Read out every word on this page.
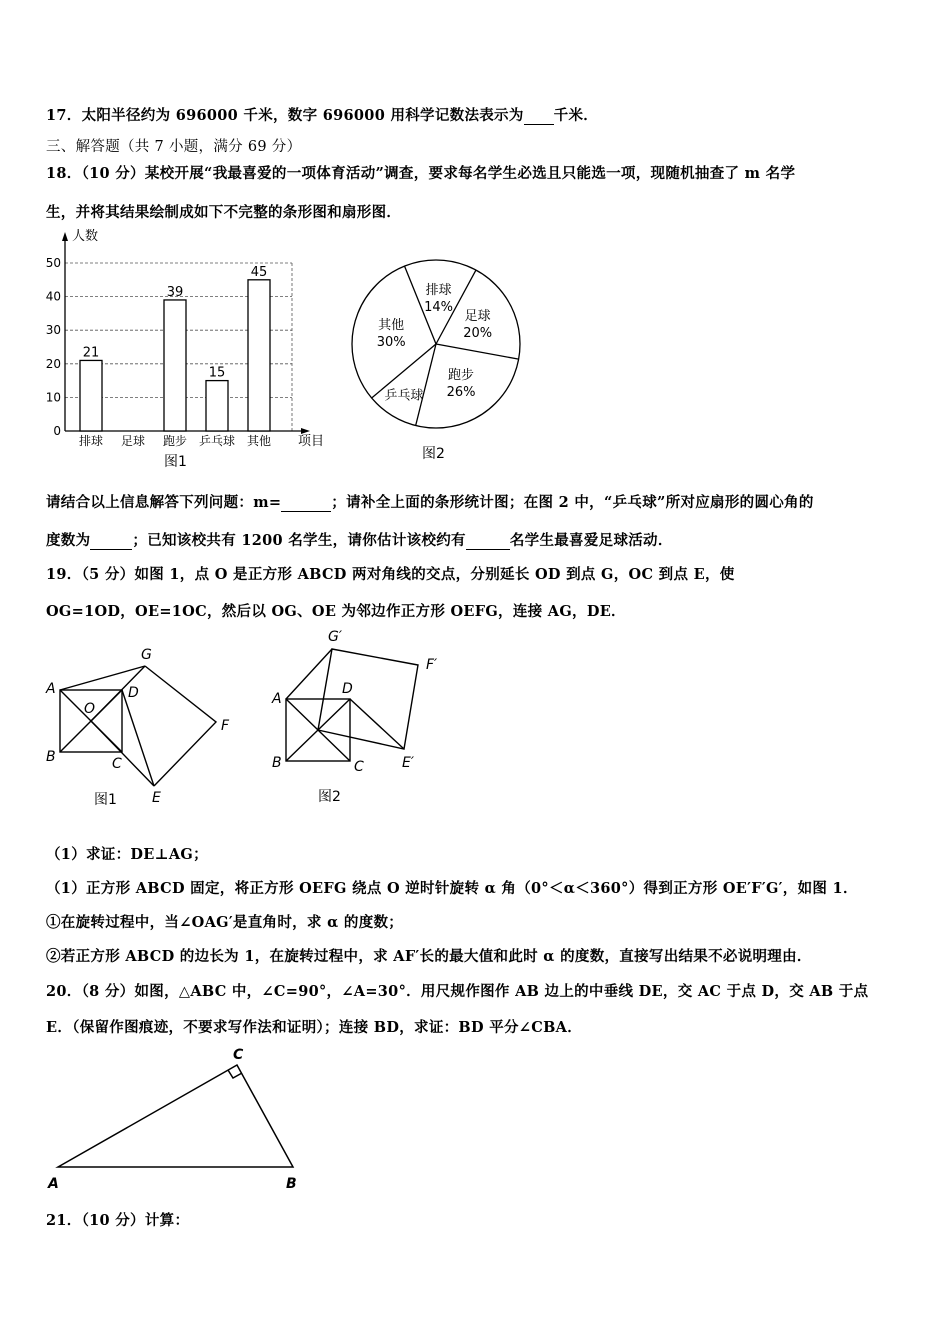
17．太阳半径约为 696000 千米，数字 696000 用科学记数法表示为 千米．
三、解答题（共 7 小题，满分 69 分）
18．（10 分）某校开展“我最喜爱的一项体育活动”调查，要求每名学生必选且只能选一项，现随机抽查了 m 名学
生，并将其结果绘制成如下不完整的条形图和扇形图．
人数
项目
图1
0
10
20
30
40
50
21
排球 足球
39
跑步
15
乒乓球
45
其他
排球
14%
足球
20%
跑步
26%
乒乓球
其他
30%
图2
请结合以上信息解答下列问题：m=	；请补全上面的条形统计图；在图 2 中，“乒乓球”所对应扇形的圆心角的
度数为	；已知该校共有 1200 名学生，请你估计该校约有	名学生最喜爱足球活动．
19．（5 分）如图 1，点 O 是正方形 ABCD 两对角线的交点，分别延长 OD 到点 G，OC 到点 E，使
OG=1OD，OE=1OC，然后以 OG、OE 为邻边作正方形 OEFG，连接 AG，DE．
A
B	C
D
O
G
E
F
图1
A
B	C
D
G′
E′
F′
图2
（1）求证：DE⊥AG；
（1）正方形 ABCD 固定，将正方形 OEFG 绕点 O 逆时针旋转 α 角（0°＜α＜360°）得到正方形 OE′F′G′，如图 1．
①在旋转过程中，当∠OAG′是直角时，求 α 的度数；
②若正方形 ABCD 的边长为 1，在旋转过程中，求 AF′长的最大值和此时 α 的度数，直接写出结果不必说明理由．
20．（8 分）如图，△ABC 中，∠C=90°，∠A=30°．用尺规作图作 AB 边上的中垂线 DE，交 AC 于点 D，交 AB 于点
E．（保留作图痕迹，不要求写作法和证明）；连接 BD，求证：BD 平分∠CBA．
A	B
C
21．（10 分）计算：
